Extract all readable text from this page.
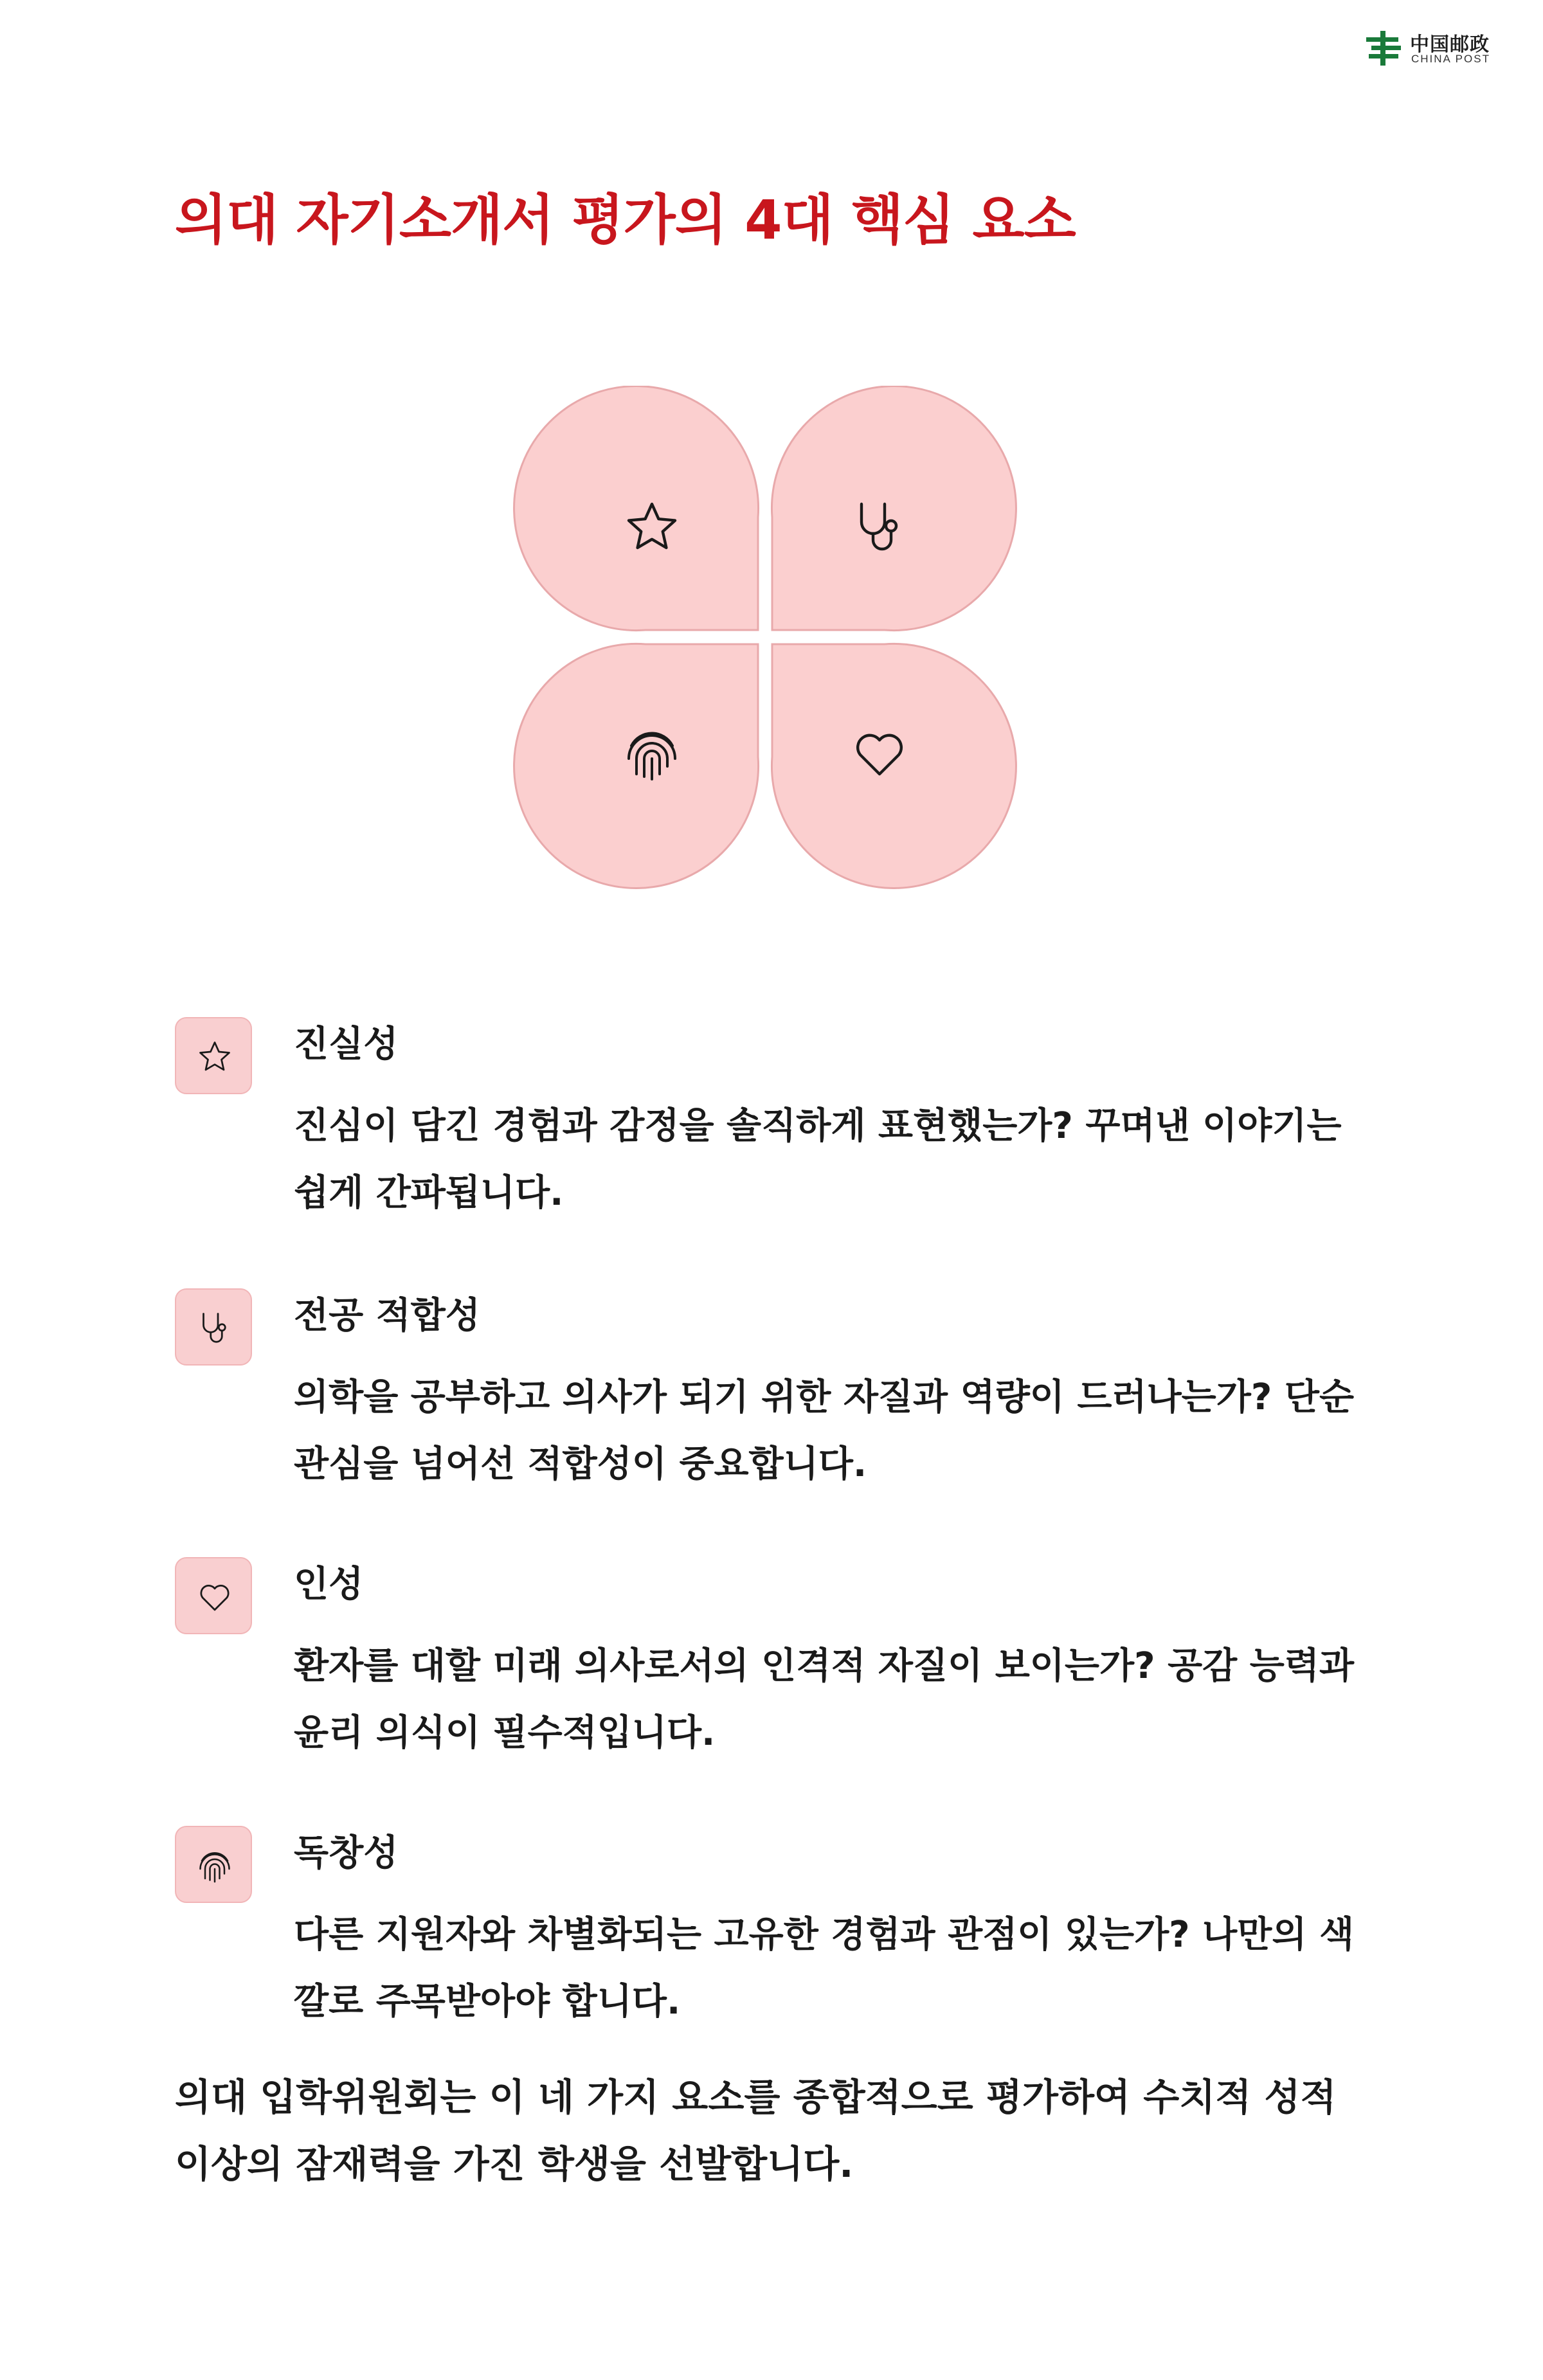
中国邮政
CHINA POST
의대 자기소개서 평가의 4대 핵심 요소
진실성

진심이 담긴 경험과 감정을 솔직하게 표현했는가? 꾸며낸 이야기는 쉽게 간파됩니다.

전공 적합성

의학을 공부하고 의사가 되기 위한 자질과 역량이 드러나는가? 단순 관심을 넘어선 적합성이 중요합니다.

인성

환자를 대할 미래 의사로서의 인격적 자질이 보이는가? 공감 능력과 윤리 의식이 필수적입니다.

독창성

다른 지원자와 차별화되는 고유한 경험과 관점이 있는가? 나만의 색깔로 주목받아야 합니다.

의대 입학위원회는 이 네 가지 요소를 종합적으로 평가하여 수치적 성적 이상의 잠재력을 가진 학생을 선발합니다.
